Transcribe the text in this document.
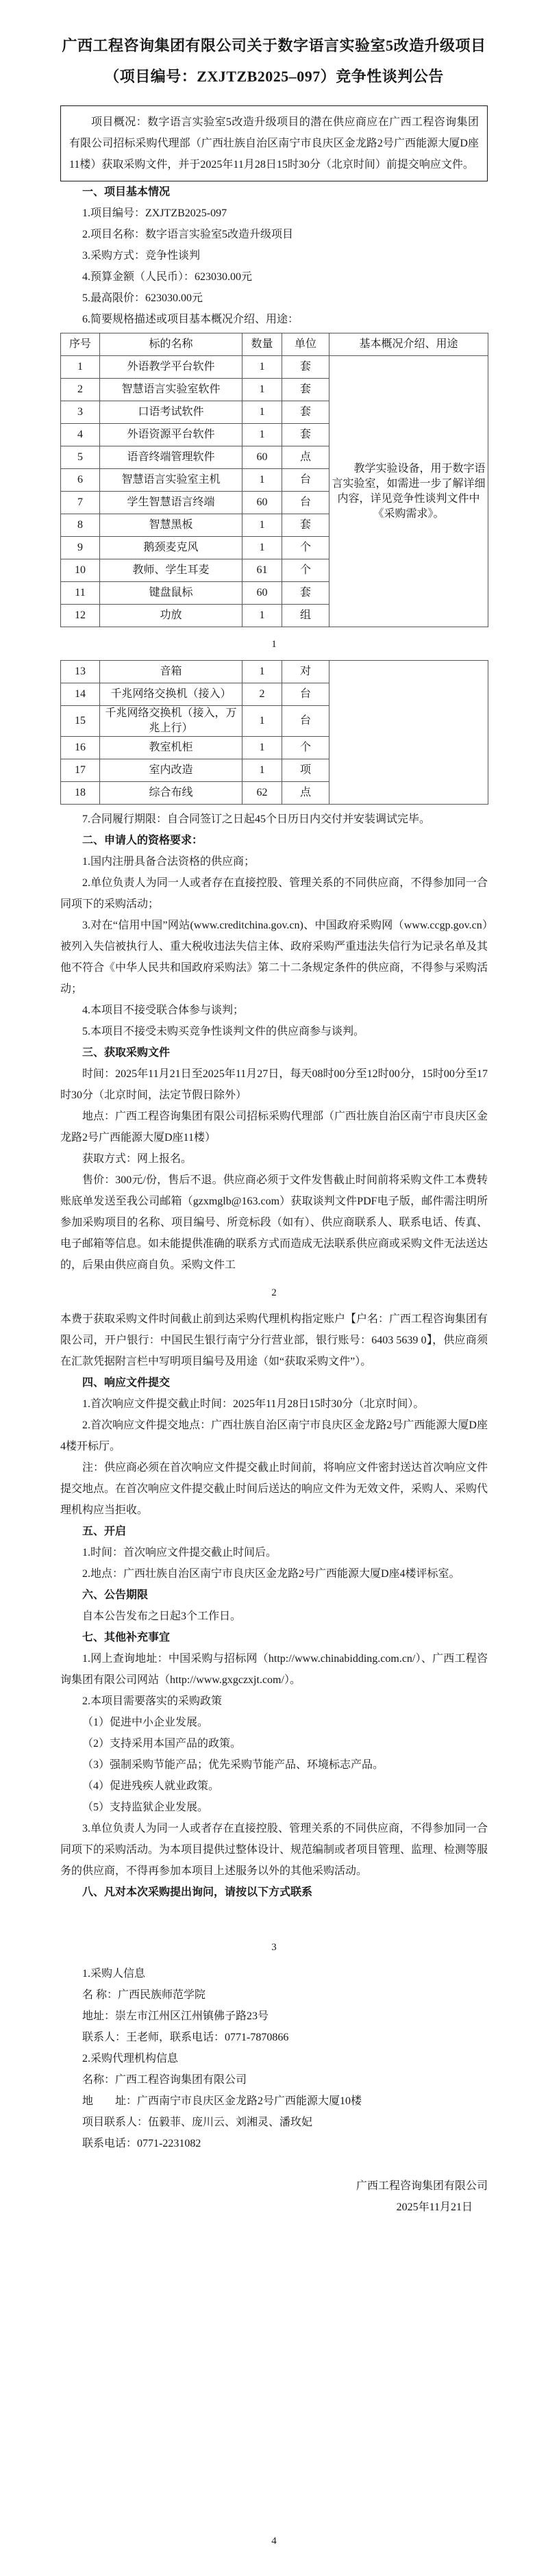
广西工程咨询集团有限公司关于数字语言实验室5改造升级项目

（项目编号：ZXJTZB2025–097）竞争性谈判公告

项目概况：数字语言实验室5改造升级项目的潜在供应商应在广西工程咨询集团有限公司招标采购代理部（广西壮族自治区南宁市良庆区金龙路2号广西能源大厦D座11楼）获取采购文件，并于2025年11月28日15时30分（北京时间）前提交响应文件。

一、项目基本情况

1.项目编号：ZXJTZB2025-097

2.项目名称：数字语言实验室5改造升级项目

3.采购方式：竞争性谈判

4.预算金额（人民币）：623030.00元

5.最高限价：623030.00元

6.简要规格描述或项目基本概况介绍、用途：

序号	标的名称	数量	单位	基本概况介绍、用途
1	外语教学平台软件	1	套	教学实验设备，用于数字语言实验室，如需进一步了解详细内容，详见竞争性谈判文件中《采购需求》。
2	智慧语言实验室软件	1	套	
3	口语考试软件	1	套	
4	外语资源平台软件	1	套	
5	语音终端管理软件	60	点	
6	智慧语言实验室主机	1	台	
7	学生智慧语言终端	60	台	
8	智慧黑板	1	套	
9	鹅颈麦克风	1	个	
10	教师、学生耳麦	61	个	
11	键盘鼠标	60	套	
12	功放	1	组	
1
13	音箱	1	对	
14	千兆网络交换机（接入）	2	台	
15	千兆网络交换机（接入，万兆上行）	1	台	
16	教室机柜	1	个	
17	室内改造	1	项	
18	综合布线	62	点	

7.合同履行期限：自合同签订之日起45个日历日内交付并安装调试完毕。

二、申请人的资格要求：

1.国内注册具备合法资格的供应商；

2.单位负责人为同一人或者存在直接控股、管理关系的不同供应商，不得参加同一合同项下的采购活动；

3.对在“信用中国”网站(www.creditchina.gov.cn)、中国政府采购网（www.ccgp.gov.cn）被列入失信被执行人、重大税收违法失信主体、政府采购严重违法失信行为记录名单及其他不符合《中华人民共和国政府采购法》第二十二条规定条件的供应商，不得参与采购活动；

4.本项目不接受联合体参与谈判；

5.本项目不接受未购买竞争性谈判文件的供应商参与谈判。

三、获取采购文件

时间：2025年11月21日至2025年11月27日，每天08时00分至12时00分，15时00分至17时30分（北京时间，法定节假日除外）

地点：广西工程咨询集团有限公司招标采购代理部（广西壮族自治区南宁市良庆区金龙路2号广西能源大厦D座11楼）

获取方式：网上报名。

售价：300元/份，售后不退。供应商必须于文件发售截止时间前将采购文件工本费转账底单发送至我公司邮箱（gzxmglb@163.com）获取谈判文件PDF电子版，邮件需注明所参加采购项目的名称、项目编号、所竞标段（如有）、供应商联系人、联系电话、传真、电子邮箱等信息。如未能提供准确的联系方式而造成无法联系供应商或采购文件无法送达的，后果由供应商自负。采购文件工

2

本费于获取采购文件时间截止前到达采购代理机构指定账户【户名：广西工程咨询集团有限公司，开户银行：中国民生银行南宁分行营业部，银行账号：6403 5639 0】，供应商须在汇款凭据附言栏中写明项目编号及用途（如“获取采购文件”）。

四、响应文件提交

1.首次响应文件提交截止时间：2025年11月28日15时30分（北京时间）。

2.首次响应文件提交地点：广西壮族自治区南宁市良庆区金龙路2号广西能源大厦D座4楼开标厅。

注：供应商必须在首次响应文件提交截止时间前，将响应文件密封送达首次响应文件提交地点。在首次响应文件提交截止时间后送达的响应文件为无效文件，采购人、采购代理机构应当拒收。

五、开启

1.时间：首次响应文件提交截止时间后。

2.地点：广西壮族自治区南宁市良庆区金龙路2号广西能源大厦D座4楼评标室。

六、公告期限

自本公告发布之日起3个工作日。

七、其他补充事宜

1.网上查询地址：中国采购与招标网（http://www.chinabidding.com.cn/）、广西工程咨询集团有限公司网站（http://www.gxgczxjt.com/）。

2.本项目需要落实的采购政策

（1）促进中小企业发展。

（2）支持采用本国产品的政策。

（3）强制采购节能产品；优先采购节能产品、环境标志产品。

（4）促进残疾人就业政策。

（5）支持监狱企业发展。

3.单位负责人为同一人或者存在直接控股、管理关系的不同供应商，不得参加同一合同项下的采购活动。为本项目提供过整体设计、规范编制或者项目管理、监理、检测等服务的供应商，不得再参加本项目上述服务以外的其他采购活动。

八、凡对本次采购提出询问，请按以下方式联系

3

1.采购人信息

名 称：广西民族师范学院

地址：崇左市江州区江州镇佛子路23号

联系人：王老师，联系电话：0771-7870866

2.采购代理机构信息

名称：广西工程咨询集团有限公司

地　　址：广西南宁市良庆区金龙路2号广西能源大厦10楼

项目联系人：伍毅菲、庞川云、刘湘灵、潘玫妃

联系电话：0771-2231082

广西工程咨询集团有限公司

2025年11月21日

4
